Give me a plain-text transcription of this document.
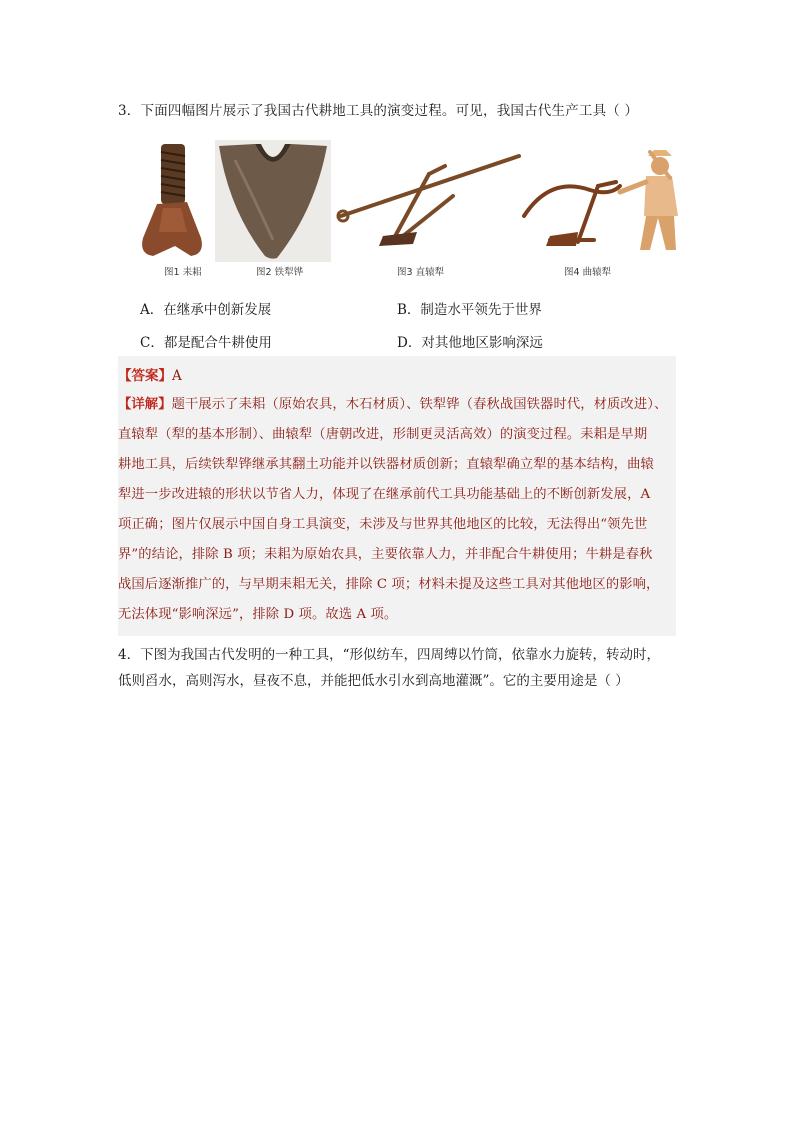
3．下面四幅图片展示了我国古代耕地工具的演变过程。可见，我国古代生产工具（ ）
图1 耒耜	图2 铁犁铧	图3 直辕犁	图4 曲辕犁
A．在继承中创新发展	B．制造水平领先于世界
C．都是配合牛耕使用	D．对其他地区影响深远
【答案】A
【详解】题干展示了耒耜（原始农具，木石材质）、铁犁铧（春秋战国铁器时代，材质改进）、
直辕犁（犁的基本形制）、曲辕犁（唐朝改进，形制更灵活高效）的演变过程。耒耜是早期
耕地工具，后续铁犁铧继承其翻土功能并以铁器材质创新；直辕犁确立犁的基本结构，曲辕
犁进一步改进辕的形状以节省人力，体现了在继承前代工具功能基础上的不断创新发展，A
项正确；图片仅展示中国自身工具演变，未涉及与世界其他地区的比较，无法得出“领先世
界”的结论，排除 B 项；耒耜为原始农具，主要依靠人力，并非配合牛耕使用；牛耕是春秋
战国后逐渐推广的，与早期耒耜无关，排除 C 项；材料未提及这些工具对其他地区的影响，
无法体现“影响深远”，排除 D 项。故选 A 项。
4．下图为我国古代发明的一种工具，“形似纺车，四周缚以竹筒，依靠水力旋转，转动时，
低则舀水，高则泻水，昼夜不息，并能把低水引水到高地灌溉”。它的主要用途是（ ）
